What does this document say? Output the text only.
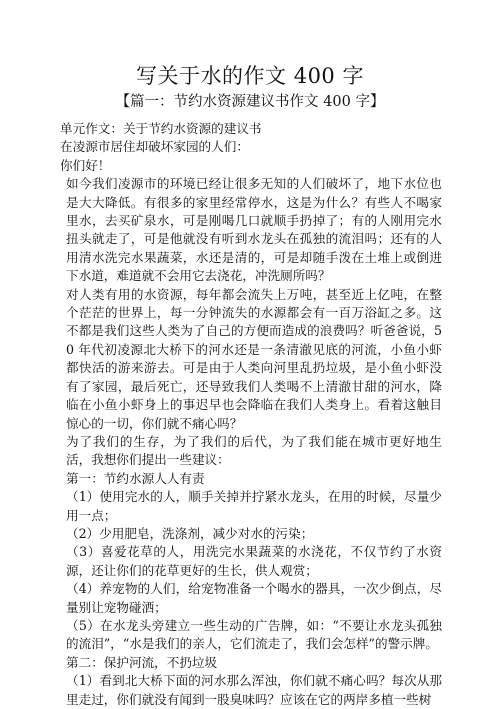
写关于水的作文 400 字
【篇一：节约水资源建议书作文 400 字】

单元作文：关于节约水资源的建议书

在凌源市居住却破坏家园的人们：

你们好！

如今我们凌源市的环境已经让很多无知的人们破坏了，地下水位也是大大降低。有很多的家里经常停水，这是为什么？有些人不喝家里水，去买矿泉水，可是刚喝几口就顺手扔掉了；有的人刚用完水扭头就走了，可是他就没有听到水龙头在孤独的流泪吗；还有的人用清水洗完水果蔬菜，水还是清的，可是却随手泼在土堆上或倒进下水道，难道就不会用它去浇花，冲洗厕所吗？

对人类有用的水资源，每年都会流失上万吨，甚至近上亿吨，在整个茫茫的世界上，每一分钟流失的水源都会有一百万浴缸之多。这不都是我们这些人类为了自己的方便而造成的浪费吗？听爸爸说，50 年代初凌源北大桥下的河水还是一条清澈见底的河流，小鱼小虾都快活的游来游去。可是由于人类向河里乱扔垃圾，是小鱼小虾没有了家园，最后死亡，还导致我们人类喝不上清澈甘甜的河水，降临在小鱼小虾身上的事迟早也会降临在我们人类身上。看着这触目惊心的一切，你们就不痛心吗？

为了我们的生存，为了我们的后代，为了我们能在城市更好地生活，我想你们提出一些建议：

第一：节约水源人人有责

（1）使用完水的人，顺手关掉并拧紧水龙头，在用的时候，尽量少用一点；

（2）少用肥皂，洗涤剂，减少对水的污染；

（3）喜爱花草的人，用洗完水果蔬菜的水浇花，不仅节约了水资源，还让你们的花草更好的生长，供人观赏；

（4）养宠物的人们，给宠物准备一个喝水的器具，一次少倒点，尽量别让宠物碰洒；

（5）在水龙头旁建立一些生动的广告牌，如：“不要让水龙头孤独的流泪”，“水是我们的亲人，它们流走了，我们会怎样”的警示牌。

第二：保护河流，不扔垃圾

（1）看到北大桥下面的河水那么浑浊，你们就不痛心吗？每次从那里走过，你们就没有闻到一股臭味吗？应该在它的两岸多植一些树
